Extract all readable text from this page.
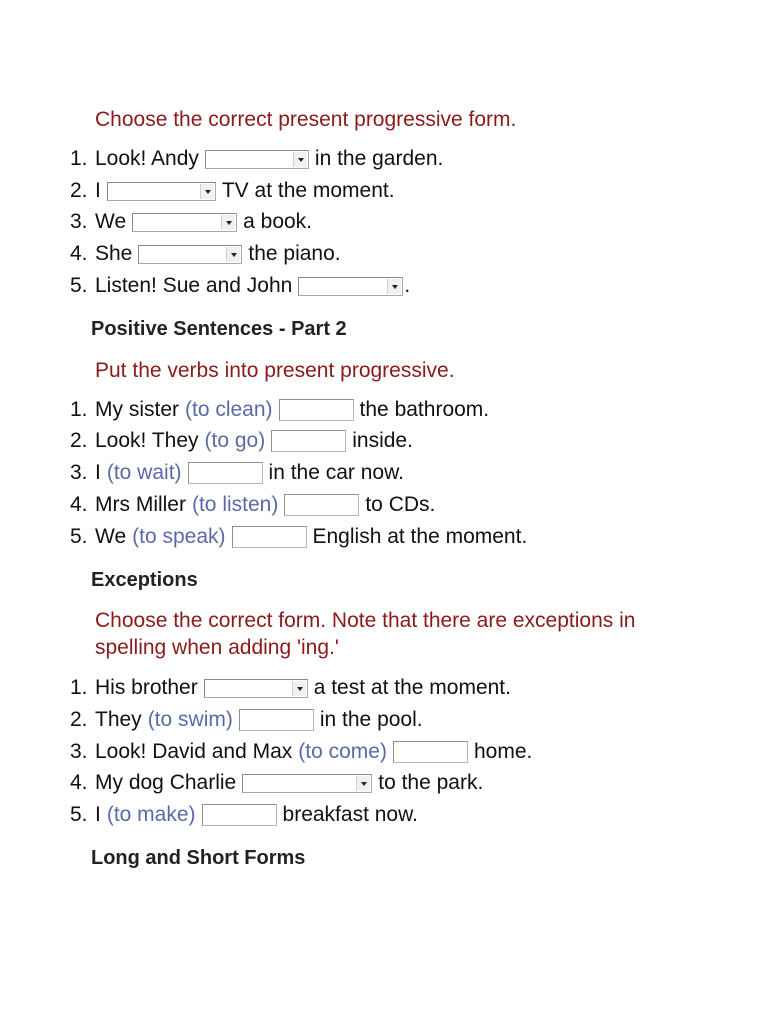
Choose the correct present progressive form.

1. Look! Andy	in the garden.
2. I	TV at the moment.
3. We	a book.
4. She	the piano.
5. Listen! Sue and John	.
Positive Sentences - Part 2

Put the verbs into present progressive.

1. My sister (to clean)	the bathroom.
2. Look! They (to go)	inside.
3. I (to wait)	in the car now.
4. Mrs Miller (to listen)	to CDs.
5. We (to speak)	English at the moment.
Exceptions

Choose the correct form. Note that there are exceptions in

spelling when adding 'ing.'

1. His brother	a test at the moment.
2. They (to swim)	in the pool.
3. Look! David and Max (to come)	home.
4. My dog Charlie	to the park.
5. I (to make)	breakfast now.
Long and Short Forms
